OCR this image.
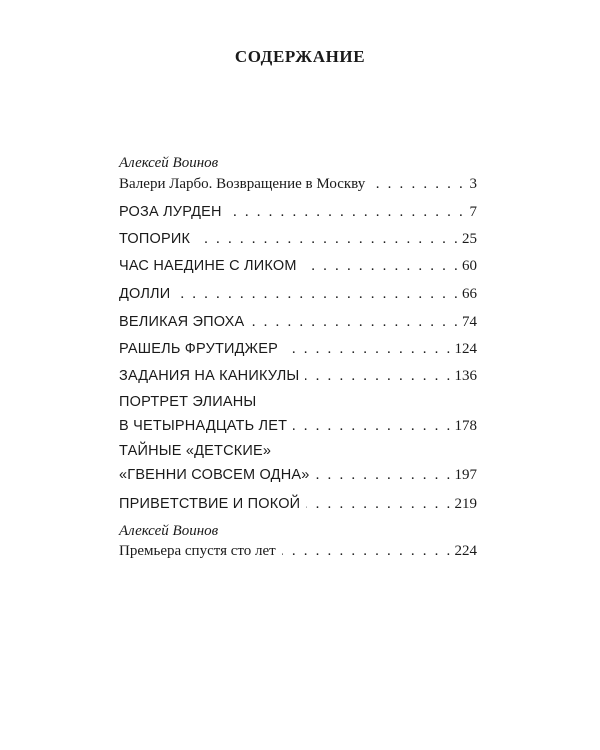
СОДЕРЖАНИЕ
Алексей Воинов
Валери Ларбо. Возвращение в Москву . . .	3
РОЗА ЛУРДЕН . . .	7
ТОПОРИК . . .	25
ЧАС НАЕДИНЕ С ЛИКОМ . . .	60
ДОЛЛИ . . .	66
ВЕЛИКАЯ ЭПОХА . . .	74
РАШЕЛЬ ФРУТИДЖЕР . . .	124
ЗАДАНИЯ НА КАНИКУЛЫ . . .	136
ПОРТРЕТ ЭЛИАНЫ
В ЧЕТЫРНАДЦАТЬ ЛЕТ . . .	178
ТАЙНЫЕ «ДЕТСКИЕ»
«ГВЕННИ СОВСЕМ ОДНА» . . .	197
ПРИВЕТСТВИЕ И ПОКОЙ . . .	219
Алексей Воинов
Премьера спустя сто лет . . .	224
